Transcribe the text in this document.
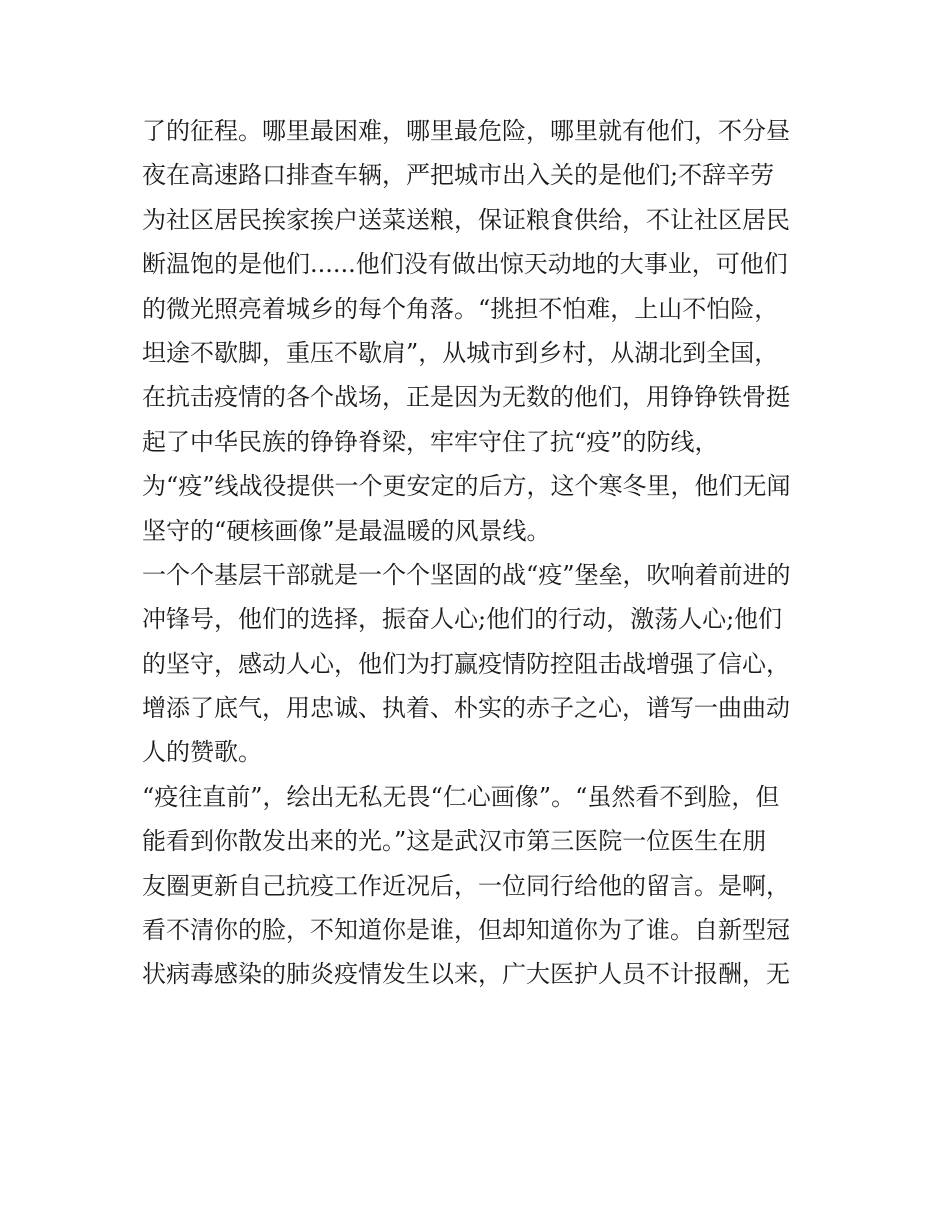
了的征程。哪里最困难，哪里最危险，哪里就有他们，不分昼
夜在高速路口排查车辆，严把城市出入关的是他们;不辞辛劳
为社区居民挨家挨户送菜送粮，保证粮食供给，不让社区居民
断温饱的是他们......他们没有做出惊天动地的大事业，可他们
的微光照亮着城乡的每个角落。“挑担不怕难，上山不怕险，
坦途不歇脚，重压不歇肩”，从城市到乡村，从湖北到全国，
在抗击疫情的各个战场，正是因为无数的他们，用铮铮铁骨挺
起了中华民族的铮铮脊梁，牢牢守住了抗“疫”的防线，
为“疫”线战役提供一个更安定的后方，这个寒冬里，他们无闻
坚守的“硬核画像”是最温暖的风景线。
一个个基层干部就是一个个坚固的战“疫”堡垒，吹响着前进的
冲锋号，他们的选择，振奋人心;他们的行动，激荡人心;他们
的坚守，感动人心，他们为打赢疫情防控阻击战增强了信心，
增添了底气，用忠诚、执着、朴实的赤子之心，谱写一曲曲动
人的赞歌。
“疫往直前”，绘出无私无畏“仁心画像”。“虽然看不到脸，但
能看到你散发出来的光。”这是武汉市第三医院一位医生在朋
友圈更新自己抗疫工作近况后，一位同行给他的留言。是啊，
看不清你的脸，不知道你是谁，但却知道你为了谁。自新型冠
状病毒感染的肺炎疫情发生以来，广大医护人员不计报酬，无
